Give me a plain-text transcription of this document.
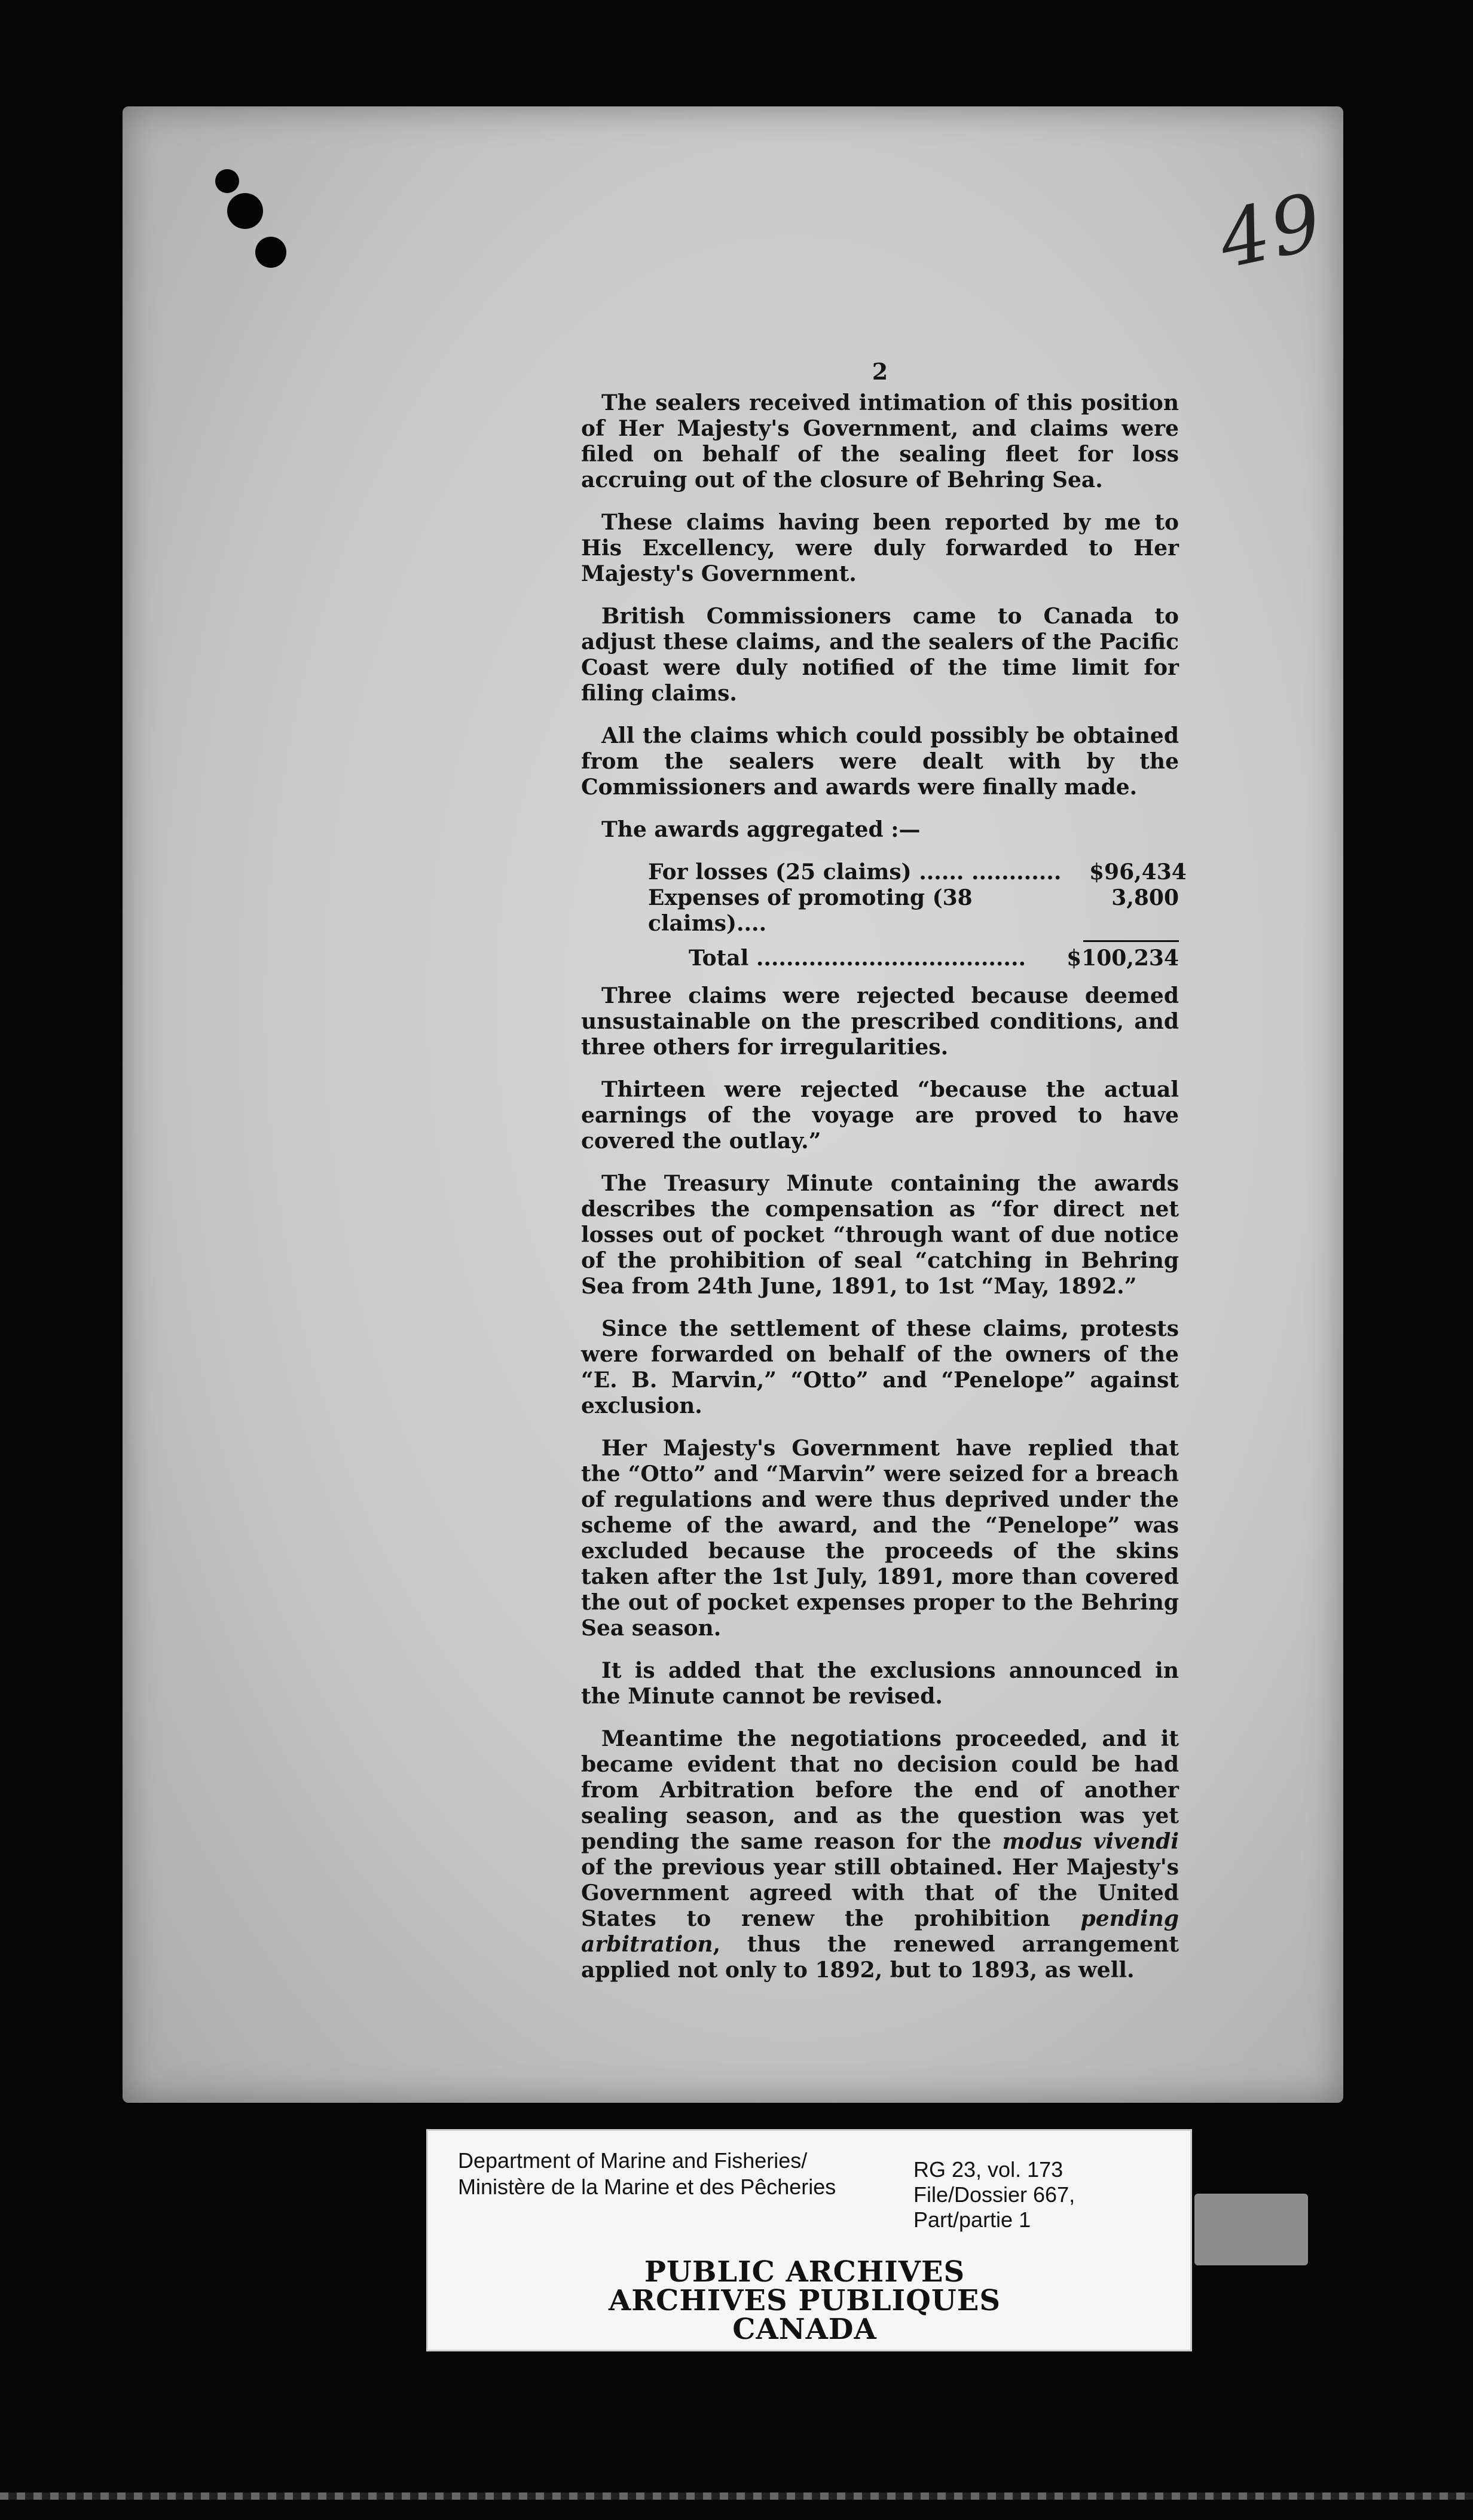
49

2

The sealers received intimation of this position of Her Majesty's Government, and claims were filed on behalf of the sealing fleet for loss accruing out of the closure of Behring Sea.

These claims having been reported by me to His Excellency, were duly forwarded to Her Majesty's Government.

British Commissioners came to Canada to adjust these claims, and the sealers of the Pacific Coast were duly notified of the time limit for filing claims.

All the claims which could possibly be obtained from the sealers were dealt with by the Commissioners and awards were finally made.

The awards aggregated :—

For losses (25 claims) ...... ............ $96,434
Expenses of promoting (38 claims)....
3,800
Total .................................... $100,234

Three claims were rejected because deemed unsustainable on the prescribed conditions, and three others for irregularities.

Thirteen were rejected “because the actual earnings of the voyage are proved to have covered the outlay.”

The Treasury Minute containing the awards describes the compensation as “for direct net losses out of pocket “through want of due notice of the prohibition of seal “catching in Behring Sea from 24th June, 1891, to 1st “May, 1892.”

Since the settlement of these claims, protests were forwarded on behalf of the owners of the “E. B. Marvin,” “Otto” and “Penelope” against exclusion.

Her Majesty's Government have replied that the “Otto” and “Marvin” were seized for a breach of regulations and were thus deprived under the scheme of the award, and the “Penelope” was excluded because the proceeds of the skins taken after the 1st July, 1891, more than covered the out of pocket expenses proper to the Behring Sea season.

It is added that the exclusions announced in the Minute cannot be revised.

Meantime the negotiations proceeded, and it became evident that no decision could be had from Arbitration before the end of another sealing season, and as the question was yet pending the same reason for the modus vivendi of the previous year still obtained. Her Majesty's Government agreed with that of the United States to renew the prohibition pending arbitration, thus the renewed arrangement applied not only to 1892, but to 1893, as well.

Department of Marine and Fisheries/
Ministère de la Marine et des Pêcheries
RG 23, vol. 173
File/Dossier 667,
Part/partie 1
PUBLIC ARCHIVES
ARCHIVES PUBLIQUES
CANADA
